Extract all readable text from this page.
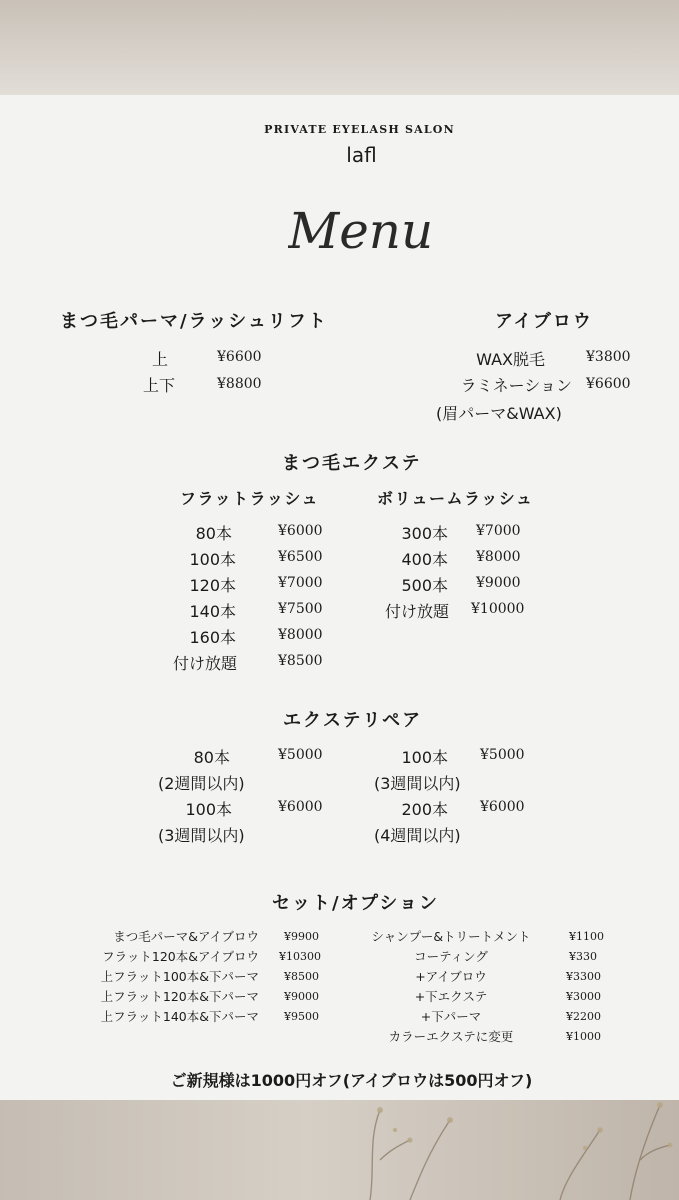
PRIVATE EYELASH SALON
lafl
Menu
まつ毛パーマ/ラッシュリフト
上	¥6600
上下	¥8800
アイブロウ
WAX脱毛	¥3800
ラミネーション ¥6600
(眉パーマ&WAX)
まつ毛エクステ
フラットラッシュ	ボリュームラッシュ
80本	¥6000
100本	¥6500
120本	¥7000
140本	¥7500
160本	¥8000
付け放題	¥8500
300本 ¥7000
400本 ¥8000
500本 ¥9000
付け放題 ¥10000
エクステリペア
80本	¥5000
(2週間以内)
100本	¥6000
(3週間以内)
100本 ¥5000
(3週間以内)
200本 ¥6000
(4週間以内)
セット/オプション
まつ毛パーマ&アイブロウ ¥9900
フラット120本&アイブロウ ¥10300
上フラット100本&下パーマ ¥8500
上フラット120本&下パーマ ¥9000
上フラット140本&下パーマ ¥9500
シャンプー&トリートメント	¥1100
コーティング	¥330
+アイブロウ	¥3300
+下エクステ	¥3000
+下パーマ	¥2200
カラーエクステに変更	¥1000
ご新規様は1000円オフ(アイブロウは500円オフ)
